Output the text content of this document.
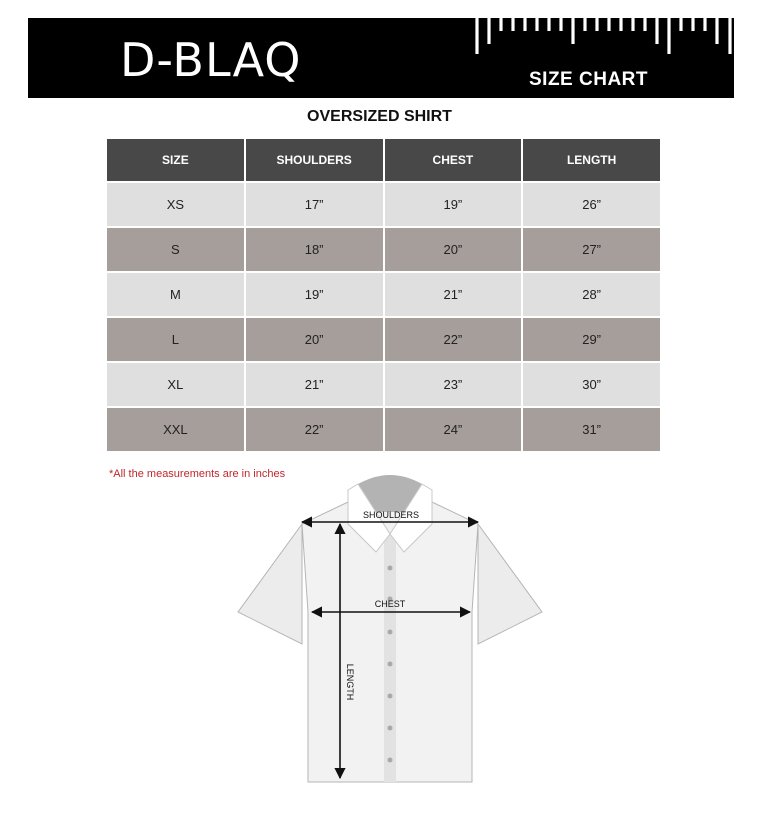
D-BLAQ	SIZE CHART
OVERSIZED SHIRT
SIZE	SHOULDERS	CHEST	LENGTH
XS	17”	19”	26”
S	18”	20”	27”
M	19”	21”	28”
L	20”	22”	29”
XL	21”	23”	30”
XXL	22”	24”	31”
*All the measurements are in inches
SHOULDERS
CHEST
LENGTH
